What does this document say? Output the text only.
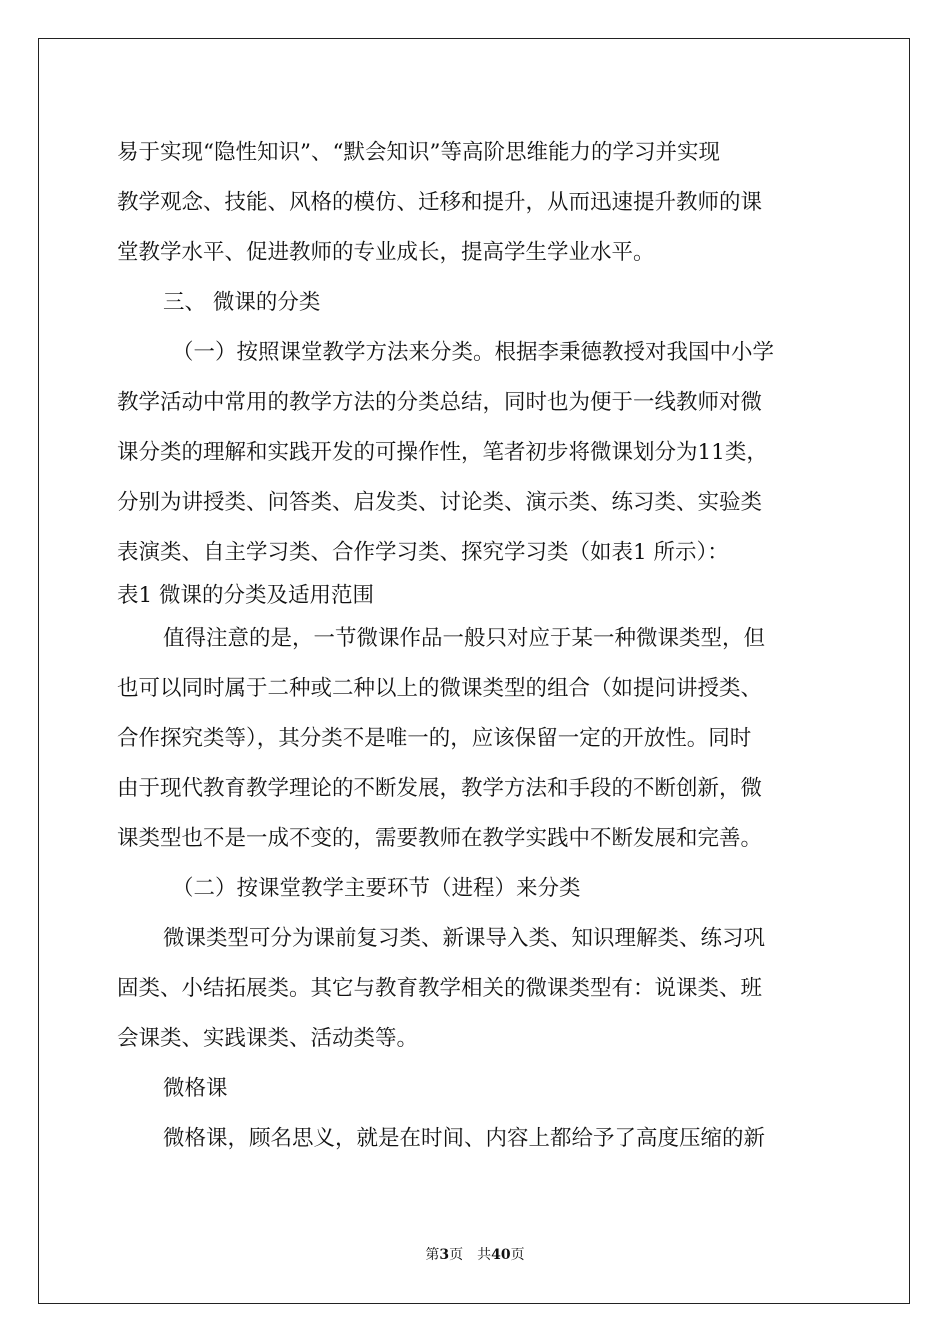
易于实现“隐性知识”、“默会知识”等高阶思维能力的学习并实现
教学观念、技能、风格的模仿、迁移和提升，从而迅速提升教师的课
堂教学水平、促进教师的专业成长，提高学生学业水平。
三、 微课的分类
（一）按照课堂教学方法来分类。根据李秉德教授对我国中小学
教学活动中常用的教学方法的分类总结，同时也为便于一线教师对微
课分类的理解和实践开发的可操作性，笔者初步将微课划分为11类，
分别为讲授类、问答类、启发类、讨论类、演示类、练习类、实验类
表演类、自主学习类、合作学习类、探究学习类（如表1 所示）：
表1 微课的分类及适用范围
值得注意的是，一节微课作品一般只对应于某一种微课类型，但
也可以同时属于二种或二种以上的微课类型的组合（如提问讲授类、
合作探究类等），其分类不是唯一的，应该保留一定的开放性。同时
由于现代教育教学理论的不断发展，教学方法和手段的不断创新，微
课类型也不是一成不变的，需要教师在教学实践中不断发展和完善。
（二）按课堂教学主要环节（进程）来分类
微课类型可分为课前复习类、新课导入类、知识理解类、练习巩
固类、小结拓展类。其它与教育教学相关的微课类型有：说课类、班
会课类、实践课类、活动类等。
微格课
微格课，顾名思义，就是在时间、内容上都给予了高度压缩的新
第3页　共40页
